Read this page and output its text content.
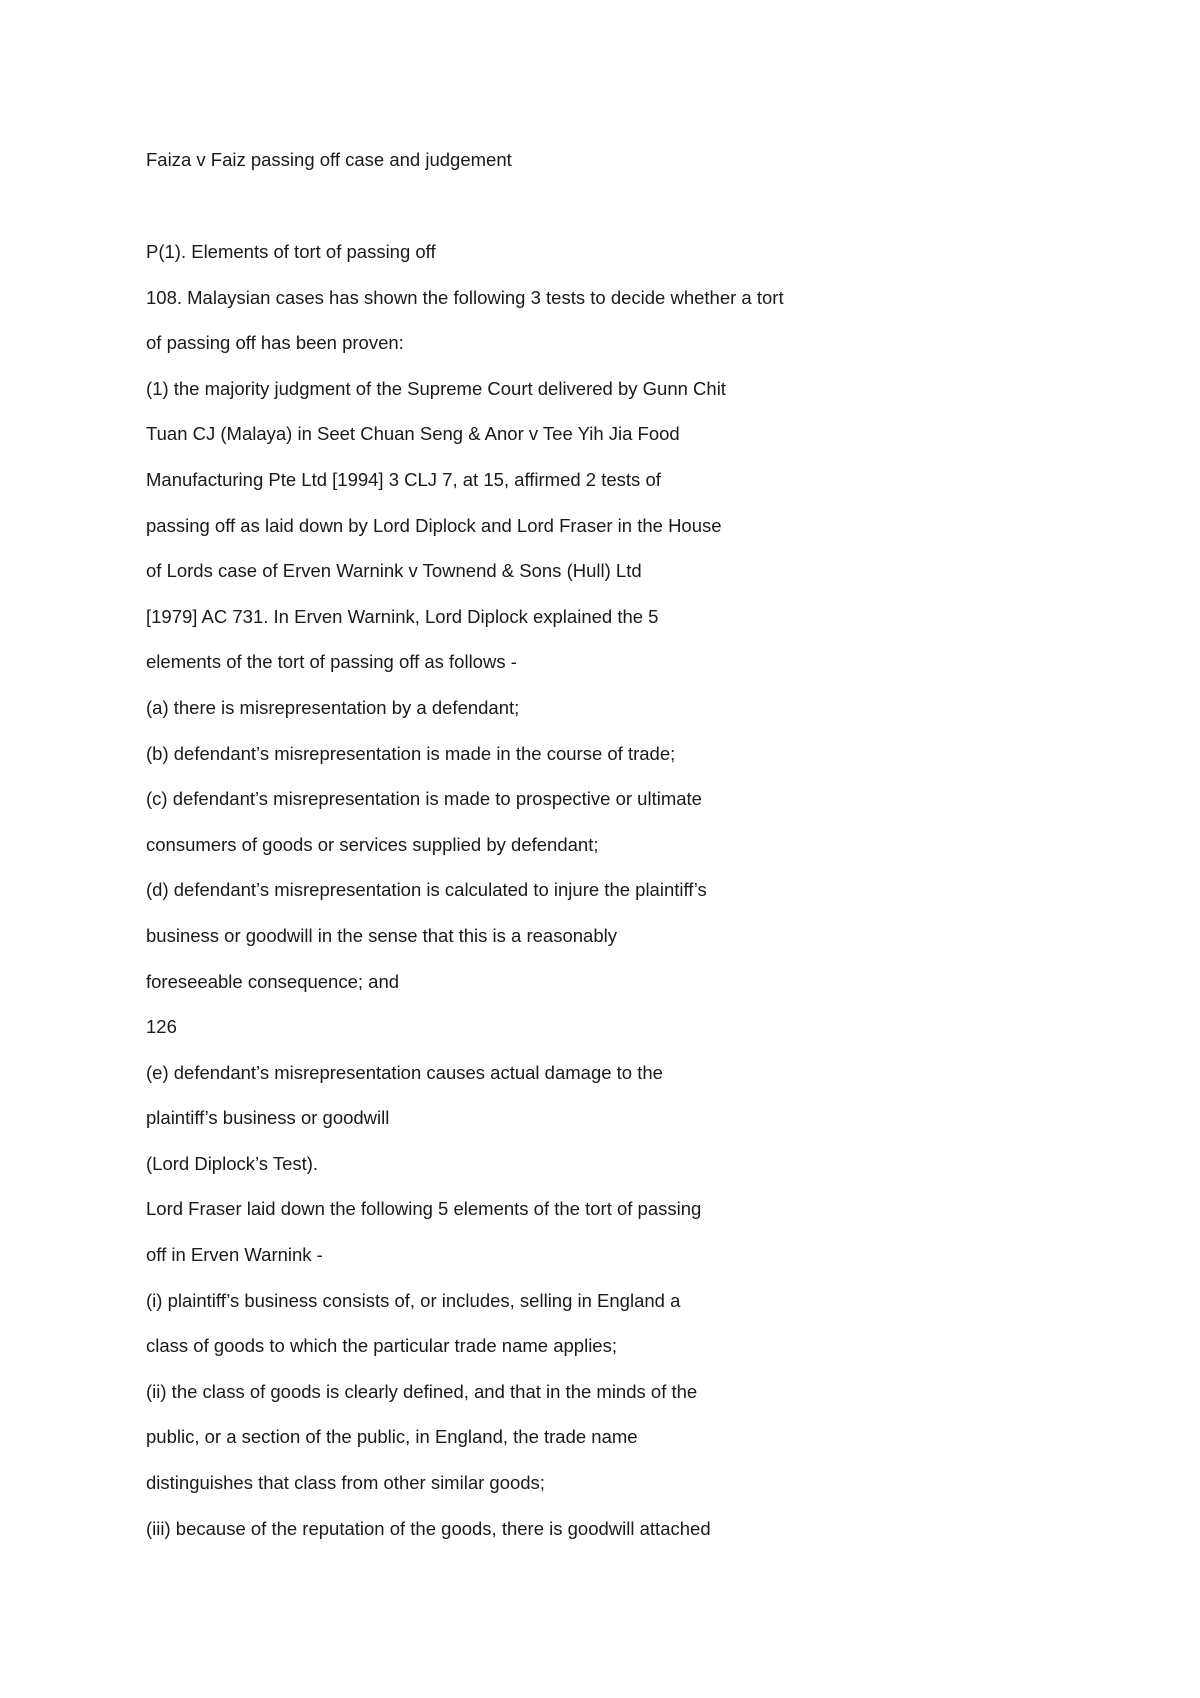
Faiza v Faiz passing off case and judgement
P(1). Elements of tort of passing off
108. Malaysian cases has shown the following 3 tests to decide whether a tort
of passing off has been proven:
(1) the majority judgment of the Supreme Court delivered by Gunn Chit
Tuan CJ (Malaya) in Seet Chuan Seng & Anor v Tee Yih Jia Food
Manufacturing Pte Ltd [1994] 3 CLJ 7, at 15, affirmed 2 tests of
passing off as laid down by Lord Diplock and Lord Fraser in the House
of Lords case of Erven Warnink v Townend & Sons (Hull) Ltd
[1979] AC 731. In Erven Warnink, Lord Diplock explained the 5
elements of the tort of passing off as follows -
(a) there is misrepresentation by a defendant;
(b) defendant’s misrepresentation is made in the course of trade;
(c) defendant’s misrepresentation is made to prospective or ultimate
consumers of goods or services supplied by defendant;
(d) defendant’s misrepresentation is calculated to injure the plaintiff’s
business or goodwill in the sense that this is a reasonably
foreseeable consequence; and
126
(e) defendant’s misrepresentation causes actual damage to the
plaintiff’s business or goodwill
(Lord Diplock’s Test).
Lord Fraser laid down the following 5 elements of the tort of passing
off in Erven Warnink -
(i) plaintiff’s business consists of, or includes, selling in England a
class of goods to which the particular trade name applies;
(ii) the class of goods is clearly defined, and that in the minds of the
public, or a section of the public, in England, the trade name
distinguishes that class from other similar goods;
(iii) because of the reputation of the goods, there is goodwill attached
